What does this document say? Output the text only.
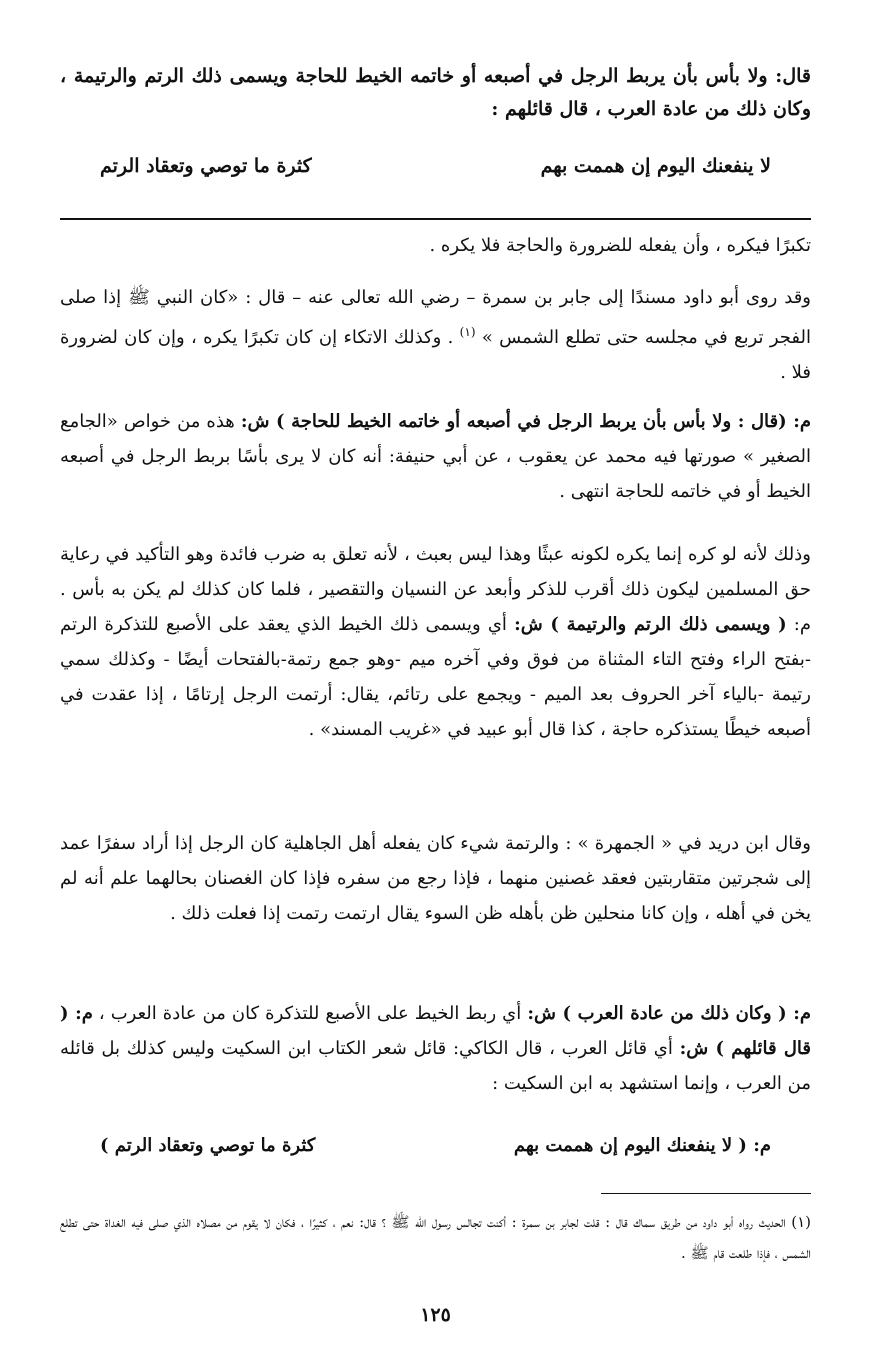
قال: ولا بأس بأن يربط الرجل في أصبعه أو خاتمه الخيط للحاجة ويسمى ذلك الرتم والرتيمة ، وكان ذلك من عادة العرب ، قال قائلهم :
لا ينفعنك اليوم إن هممت بهم
كثرة ما توصي وتعقاد الرتم
تكبرًا فيكره ، وأن يفعله للضرورة والحاجة فلا يكره .
وقد روى أبو داود مسندًا إلى جابر بن سمرة – رضي الله تعالى عنه – قال : «كان النبي ﷺ إذا صلى الفجر تربع في مجلسه حتى تطلع الشمس » $^{(١)}$ . وكذلك الاتكاء إن كان تكبرًا يكره ، وإن كان لضرورة فلا .
م: (قال : ولا بأس بأن يربط الرجل في أصبعه أو خاتمه الخيط للحاجة ) ش: هذه من خواص «الجامع الصغير » صورتها فيه محمد عن يعقوب ، عن أبي حنيفة: أنه كان لا يرى بأسًا بربط الرجل في أصبعه الخيط أو في خاتمه للحاجة انتهى .
وذلك لأنه لو كره إنما يكره لكونه عبثًا وهذا ليس بعبث ، لأنه تعلق به ضرب فائدة وهو التأكيد في رعاية حق المسلمين ليكون ذلك أقرب للذكر وأبعد عن النسيان والتقصير ، فلما كان كذلك لم يكن به بأس . م: ( ويسمى ذلك الرتم والرتيمة ) ش: أي ويسمى ذلك الخيط الذي يعقد على الأصبع للتذكرة الرتم -بفتح الراء وفتح التاء المثناة من فوق وفي آخره ميم -وهو جمع رتمة-بالفتحات أيضًا - وكذلك سمي رتيمة -بالياء آخر الحروف بعد الميم - ويجمع على رتائم، يقال: أرتمت الرجل إرتامًا ، إذا عقدت في أصبعه خيطًا يستذكره حاجة ، كذا قال أبو عبيد في «غريب المسند» .
وقال ابن دريد في « الجمهرة » : والرتمة شيء كان يفعله أهل الجاهلية كان الرجل إذا أراد سفرًا عمد إلى شجرتين متقاربتين فعقد غصنين منهما ، فإذا رجع من سفره فإذا كان الغصنان بحالهما علم أنه لم يخن في أهله ، وإن كانا منحلين ظن بأهله ظن السوء يقال ارتمت رتمت إذا فعلت ذلك .
م: ( وكان ذلك من عادة العرب ) ش: أي ربط الخيط على الأصبع للتذكرة كان من عادة العرب ، م: ( قال قائلهم ) ش: أي قائل العرب ، قال الكاكي: قائل شعر الكتاب ابن السكيت وليس كذلك بل قائله من العرب ، وإنما استشهد به ابن السكيت :
م: ( لا ينفعنك اليوم إن هممت بهم
كثرة ما توصي وتعقاد الرتم )
(١) الحديث رواه أبو داود من طريق سماك قال : قلت لجابر بن سمرة : أكنت تجالس رسول الله ﷺ ؟ قال: نعم ، كثيرًا ، فكان لا يقوم من مصلاه الذي صلى فيه الغداة حتى تطلع الشمس ، فإذا طلعت قام ﷺ .
١٢٥
